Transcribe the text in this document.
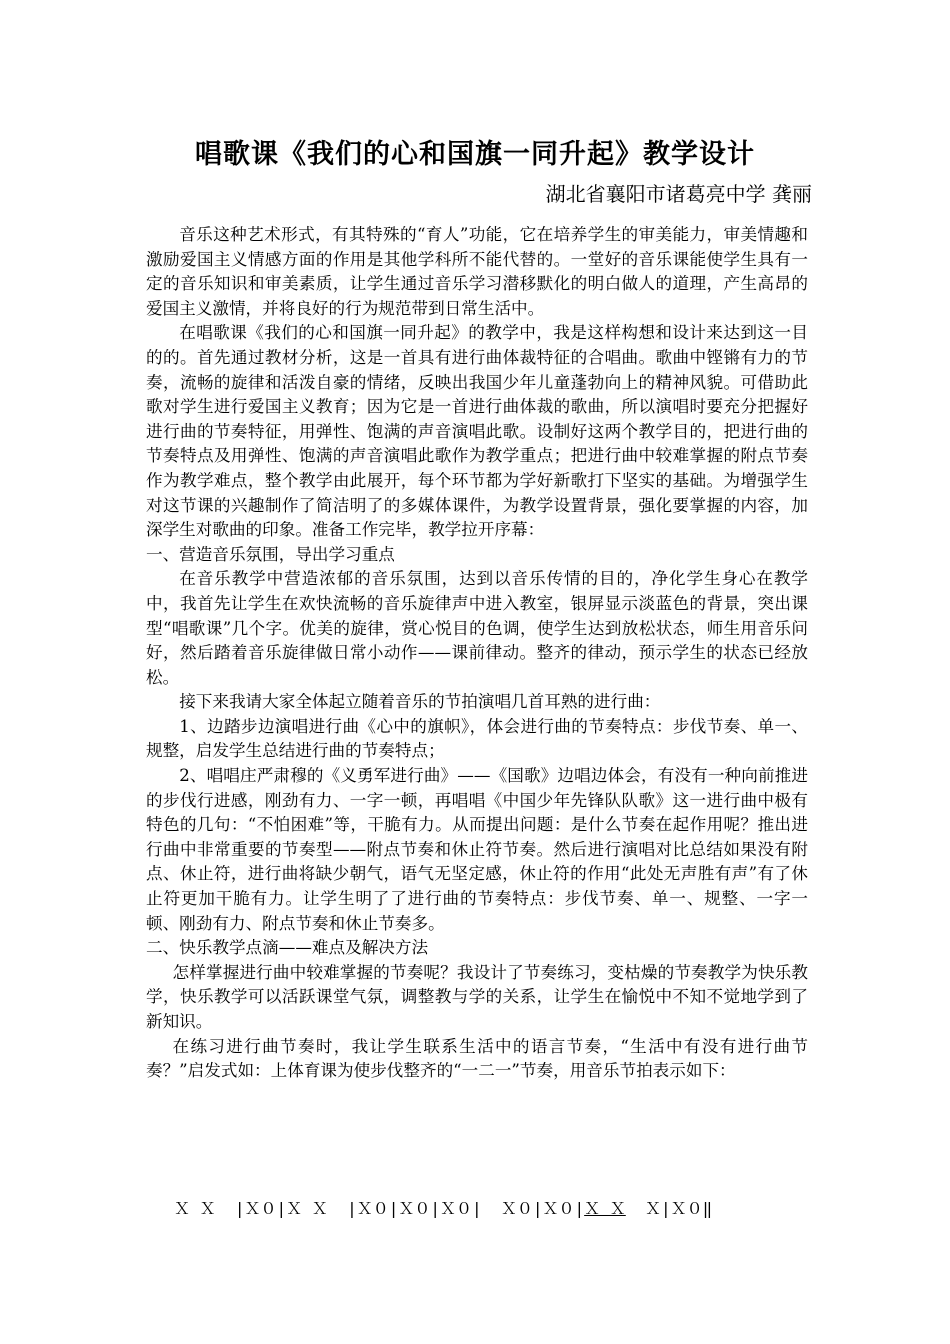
唱歌课《我们的心和国旗一同升起》教学设计
湖北省襄阳市诸葛亮中学 龚丽

音乐这种艺术形式，有其特殊的“育人”功能，它在培养学生的审美能力，审美情趣和激励爱国主义情感方面的作用是其他学科所不能代替的。一堂好的音乐课能使学生具有一定的音乐知识和审美素质，让学生通过音乐学习潜移默化的明白做人的道理，产生高昂的爱国主义激情，并将良好的行为规范带到日常生活中。

在唱歌课《我们的心和国旗一同升起》的教学中，我是这样构想和设计来达到这一目的的。首先通过教材分析，这是一首具有进行曲体裁特征的合唱曲。歌曲中铿锵有力的节奏，流畅的旋律和活泼自豪的情绪，反映出我国少年儿童蓬勃向上的精神风貌。可借助此歌对学生进行爱国主义教育；因为它是一首进行曲体裁的歌曲，所以演唱时要充分把握好进行曲的节奏特征，用弹性、饱满的声音演唱此歌。设制好这两个教学目的，把进行曲的节奏特点及用弹性、饱满的声音演唱此歌作为教学重点；把进行曲中较难掌握的附点节奏作为教学难点，整个教学由此展开，每个环节都为学好新歌打下坚实的基础。为增强学生对这节课的兴趣制作了简洁明了的多媒体课件，为教学设置背景，强化要掌握的内容，加深学生对歌曲的印象。准备工作完毕，教学拉开序幕：

一、营造音乐氛围，导出学习重点

在音乐教学中营造浓郁的音乐氛围，达到以音乐传情的目的，净化学生身心在教学中，我首先让学生在欢快流畅的音乐旋律声中进入教室，银屏显示淡蓝色的背景，突出课型“唱歌课”几个字。优美的旋律，赏心悦目的色调，使学生达到放松状态，师生用音乐问好，然后踏着音乐旋律做日常小动作——课前律动。整齐的律动，预示学生的状态已经放松。

接下来我请大家全体起立随着音乐的节拍演唱几首耳熟的进行曲：

1、边踏步边演唱进行曲《心中的旗帜》，体会进行曲的节奏特点：步伐节奏、单一、规整，启发学生总结进行曲的节奏特点；

2、唱唱庄严肃穆的《义勇军进行曲》——《国歌》边唱边体会，有没有一种向前推进的步伐行进感，刚劲有力、一字一顿，再唱唱《中国少年先锋队队歌》这一进行曲中极有特色的几句：“不怕困难”等，干脆有力。从而提出问题：是什么节奏在起作用呢？推出进行曲中非常重要的节奏型——附点节奏和休止符节奏。然后进行演唱对比总结如果没有附点、休止符，进行曲将缺少朝气，语气无坚定感，休止符的作用“此处无声胜有声”有了休止符更加干脆有力。让学生明了了进行曲的节奏特点：步伐节奏、单一、规整、一字一顿、刚劲有力、附点节奏和休止节奏多。

二、快乐教学点滴——难点及解决方法

怎样掌握进行曲中较难掌握的节奏呢？我设计了节奏练习，变枯燥的节奏教学为快乐教学，快乐教学可以活跃课堂气氛，调整教与学的关系，让学生在愉悦中不知不觉地学到了新知识。

在练习进行曲节奏时，我让学生联系生活中的语言节奏，“生活中有没有进行曲节奏？”启发式如：上体育课为使步伐整齐的“一二一”节奏，用音乐节拍表示如下：

Ｘ Ｘ  |Ｘ０|Ｘ Ｘ  |Ｘ０|Ｘ０|Ｘ０|  Ｘ０|Ｘ０|Ｘ Ｘ  Ｘ|Ｘ０‖
